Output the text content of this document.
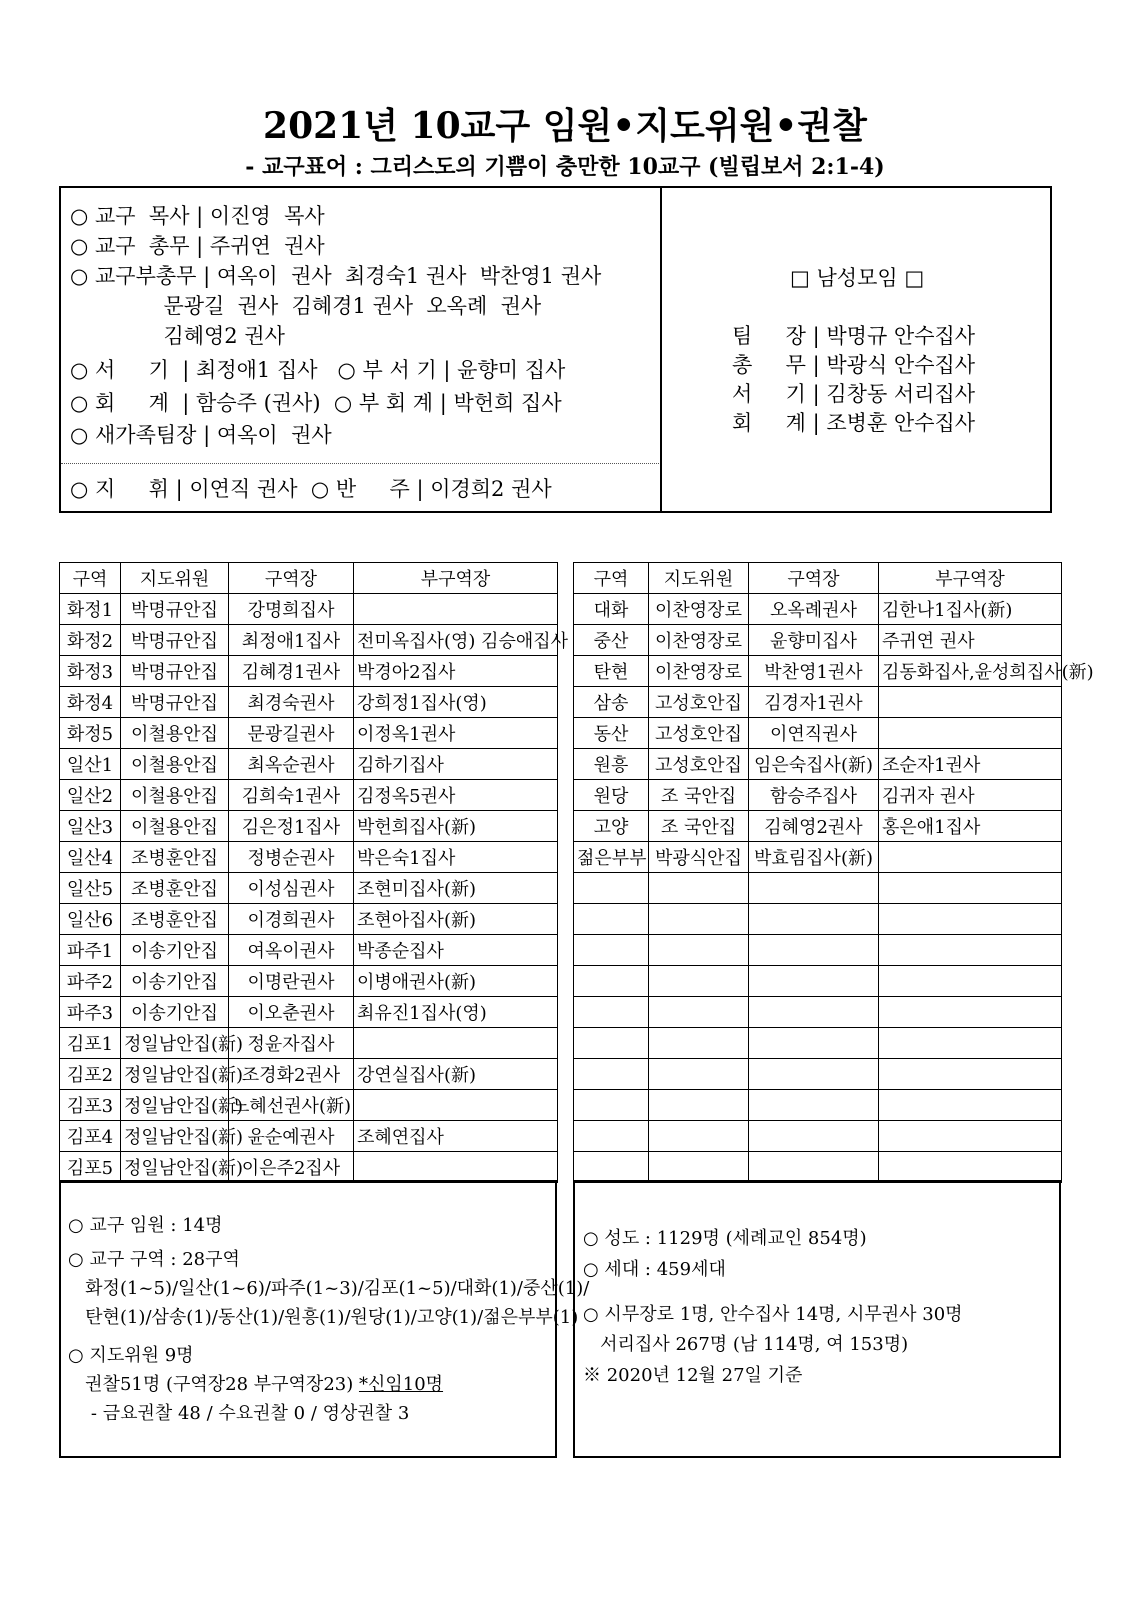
2021년 10교구 임원•지도위원•권찰
- 교구표어 : 그리스도의 기쁨이 충만한 10교구 (빌립보서 2:1-4)
○ 교구  목사 | 이진영  목사
○ 교구  총무 | 주귀연  권사
○ 교구부총무 | 여옥이  권사  최경숙1 권사  박찬영1 권사
문광길  권사  김혜경1 권사  오옥례  권사
김혜영2 권사
○ 서     기  | 최정애1 집사   ○ 부 서 기 | 윤향미 집사
○ 회     계  | 함승주 (권사)  ○ 부 회 계 | 박헌희 집사
○ 새가족팀장 | 여옥이  권사
○ 지     휘 | 이연직 권사  ○ 반     주 | 이경희2 권사
□ 남성모임 □
팀     장 | 박명규 안수집사
총     무 | 박광식 안수집사
서     기 | 김창동 서리집사
회     계 | 조병훈 안수집사
구역	지도위원	구역장	부구역장
화정1	박명규안집	강명희집사	
화정2	박명규안집	최정애1집사	전미옥집사(영) 김승애집사
화정3	박명규안집	김혜경1권사	박경아2집사
화정4	박명규안집	최경숙권사	강희정1집사(영)
화정5	이철용안집	문광길권사	이정옥1권사
일산1	이철용안집	최옥순권사	김하기집사
일산2	이철용안집	김희숙1권사	김정옥5권사
일산3	이철용안집	김은정1집사	박헌희집사(新)
일산4	조병훈안집	정병순권사	박은숙1집사
일산5	조병훈안집	이성심권사	조현미집사(新)
일산6	조병훈안집	이경희권사	조현아집사(新)
파주1	이송기안집	여옥이권사	박종순집사
파주2	이송기안집	이명란권사	이병애권사(新)
파주3	이송기안집	이오춘권사	최유진1집사(영)
김포1	정일남안집(新)	정윤자집사	
김포2	정일남안집(新)	조경화2권사	강연실집사(新)
김포3	정일남안집(新)	노혜선권사(新)	
김포4	정일남안집(新)	윤순예권사	조혜연집사
김포5	정일남안집(新)	이은주2집사	
구역	지도위원	구역장	부구역장
대화	이찬영장로	오옥례권사	김한나1집사(新)
중산	이찬영장로	윤향미집사	주귀연 권사
탄현	이찬영장로	박찬영1권사	김동화집사,윤성희집사(新)
삼송	고성호안집	김경자1권사	
동산	고성호안집	이연직권사	
원흥	고성호안집	임은숙집사(新)	조순자1권사
원당	조 국안집	함승주집사	김귀자 권사
고양	조 국안집	김혜영2권사	홍은애1집사
젊은부부	박광식안집	박효림집사(新)	

○ 교구 임원 : 14명
○ 교구 구역 : 28구역
화정(1~5)/일산(1~6)/파주(1~3)/김포(1~5)/대화(1)/중산(1)/
탄현(1)/삼송(1)/동산(1)/원흥(1)/원당(1)/고양(1)/젊은부부(1)
○ 지도위원 9명
권찰51명 (구역장28 부구역장23) *신임10명
- 금요권찰 48 / 수요권찰 0 / 영상권찰 3
○ 성도 : 1129명 (세례교인 854명)
○ 세대 : 459세대
○ 시무장로 1명, 안수집사 14명, 시무권사 30명
서리집사 267명 (남 114명, 여 153명)
※ 2020년 12월 27일 기준
